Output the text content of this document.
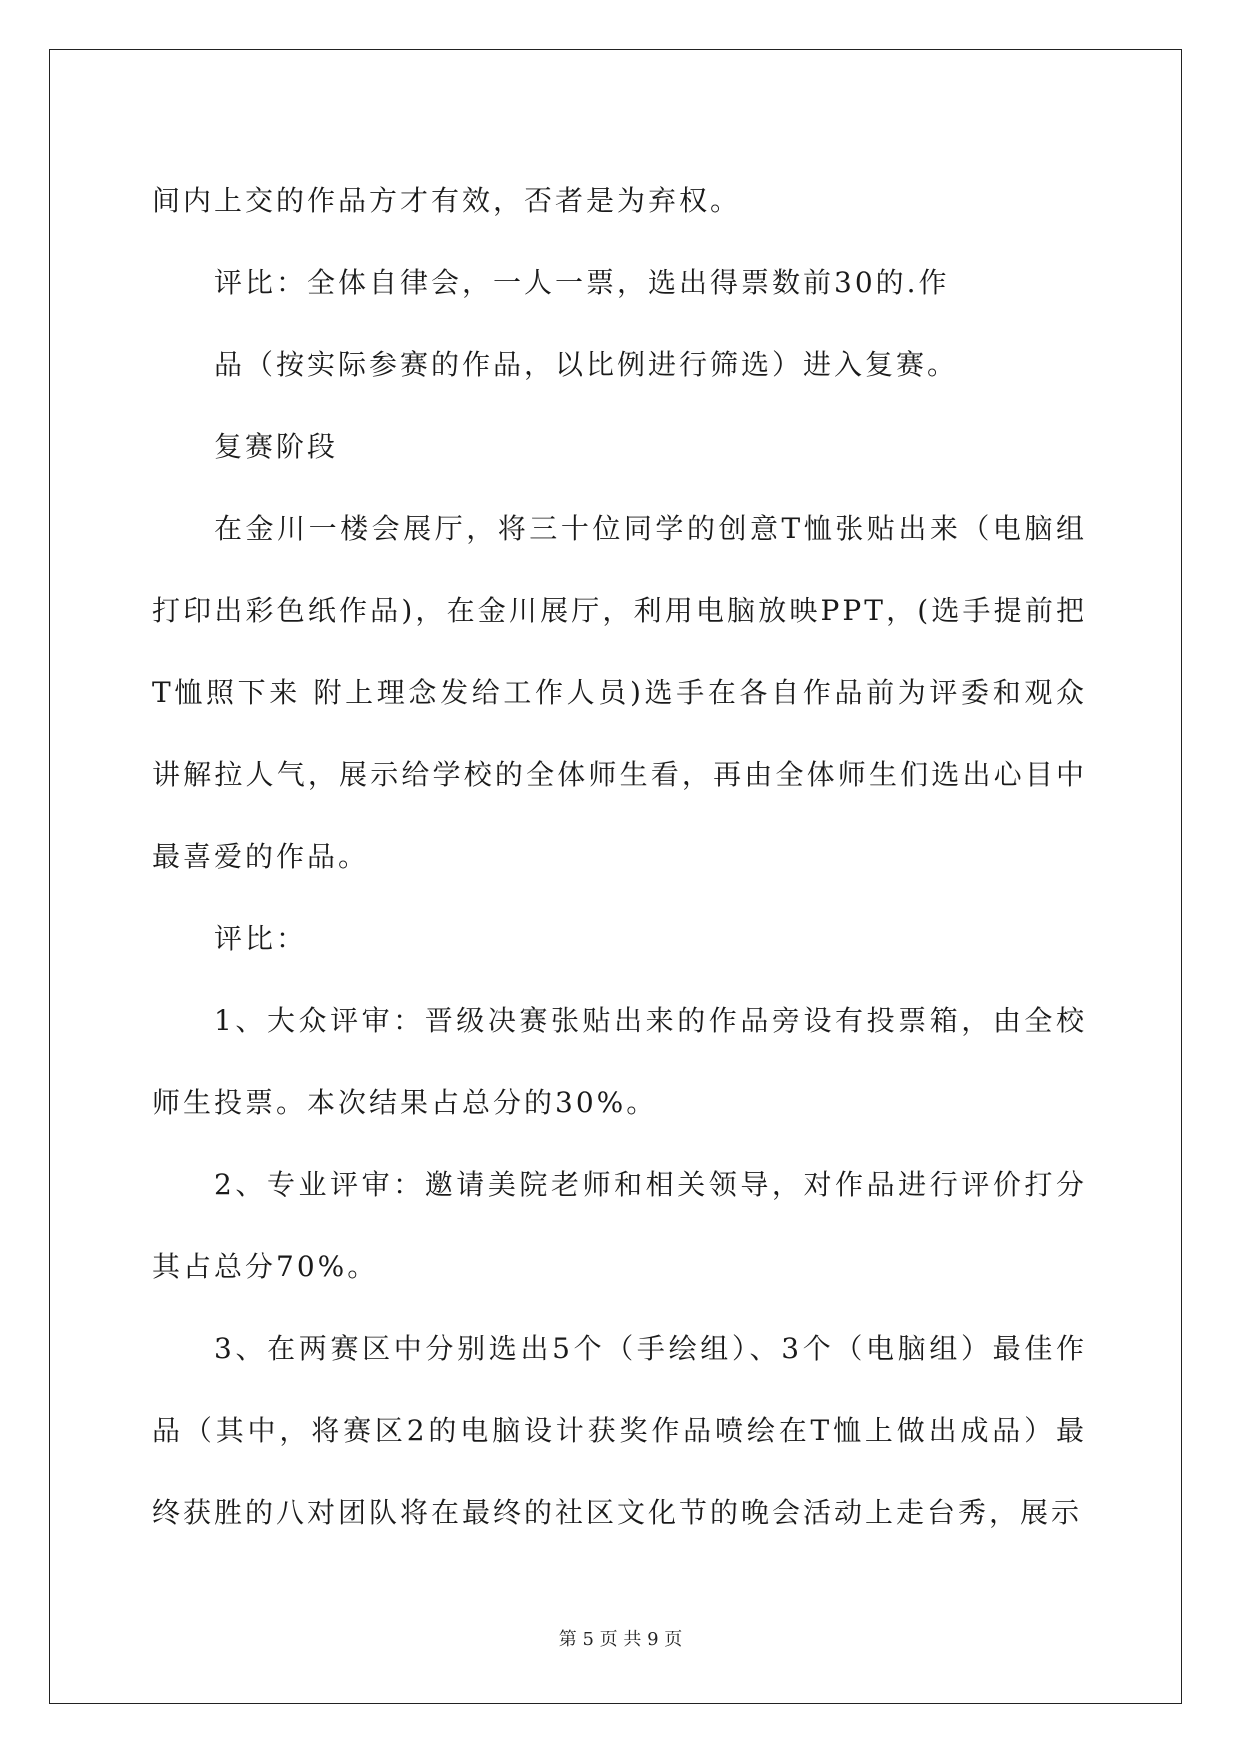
间内上交的作品方才有效，否者是为弃权。

评比：全体自律会，一人一票，选出得票数前30的.作

品（按实际参赛的作品，以比例进行筛选）进入复赛。

复赛阶段

在金川一楼会展厅，将三十位同学的创意T恤张贴出来（电脑组打印出彩色纸作品)，在金川展厅，利用电脑放映PPT，(选手提前把T恤照下来 附上理念发给工作人员)选手在各自作品前为评委和观众讲解拉人气，展示给学校的全体师生看，再由全体师生们选出心目中最喜爱的作品。

评比：

1、大众评审：晋级决赛张贴出来的作品旁设有投票箱，由全校师生投票。本次结果占总分的30%。

2、专业评审：邀请美院老师和相关领导，对作品进行评价打分其占总分70%。

3、在两赛区中分别选出5个（手绘组）、3个（电脑组）最佳作品（其中，将赛区2的电脑设计获奖作品喷绘在T恤上做出成品）最终获胜的八对团队将在最终的社区文化节的晚会活动上走台秀，展示

第 5 页 共 9 页
